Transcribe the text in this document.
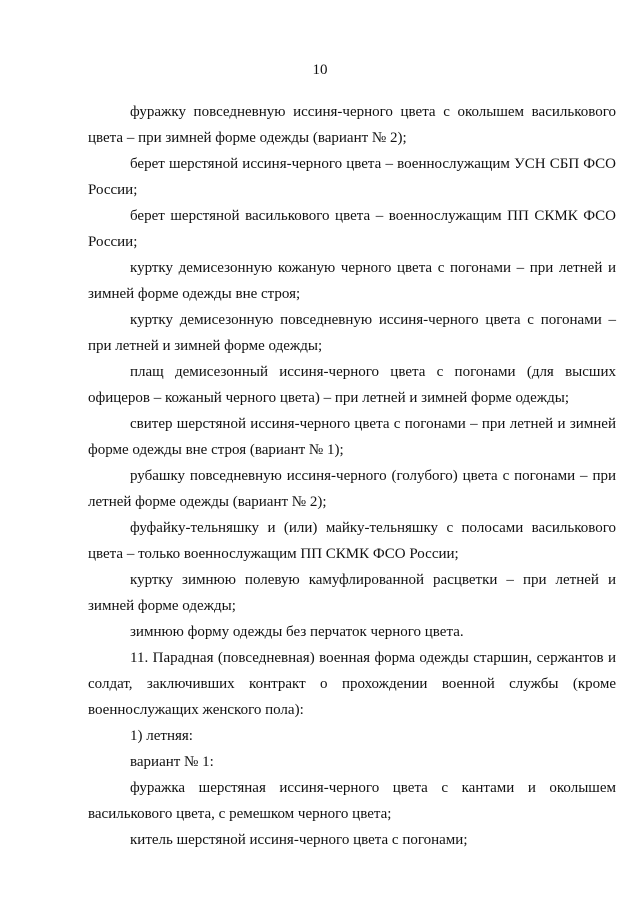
10

фуражку повседневную иссиня-черного цвета с околышем василькового цвета – при зимней форме одежды (вариант № 2);

берет шерстяной иссиня-черного цвета – военнослужащим УСН СБП ФСО России;

берет шерстяной василькового цвета – военнослужащим ПП СКМК ФСО России;

куртку демисезонную кожаную черного цвета с погонами – при летней и зимней форме одежды вне строя;

куртку демисезонную повседневную иссиня-черного цвета с погонами – при летней и зимней форме одежды;

плащ демисезонный иссиня-черного цвета с погонами (для высших офицеров – кожаный черного цвета) – при летней и зимней форме одежды;

свитер шерстяной иссиня-черного цвета с погонами – при летней и зимней форме одежды вне строя (вариант № 1);

рубашку повседневную иссиня-черного (голубого) цвета с погонами – при летней форме одежды (вариант № 2);

фуфайку-тельняшку и (или) майку-тельняшку с полосами василькового цвета – только военнослужащим ПП СКМК ФСО России;

куртку зимнюю полевую камуфлированной расцветки – при летней и зимней форме одежды;

зимнюю форму одежды без перчаток черного цвета.

11. Парадная (повседневная) военная форма одежды старшин, сержантов и солдат, заключивших контракт о прохождении военной службы (кроме военнослужащих женского пола):

1) летняя:

вариант № 1:

фуражка шерстяная иссиня-черного цвета с кантами и околышем василькового цвета, с ремешком черного цвета;

китель шерстяной иссиня-черного цвета с погонами;
